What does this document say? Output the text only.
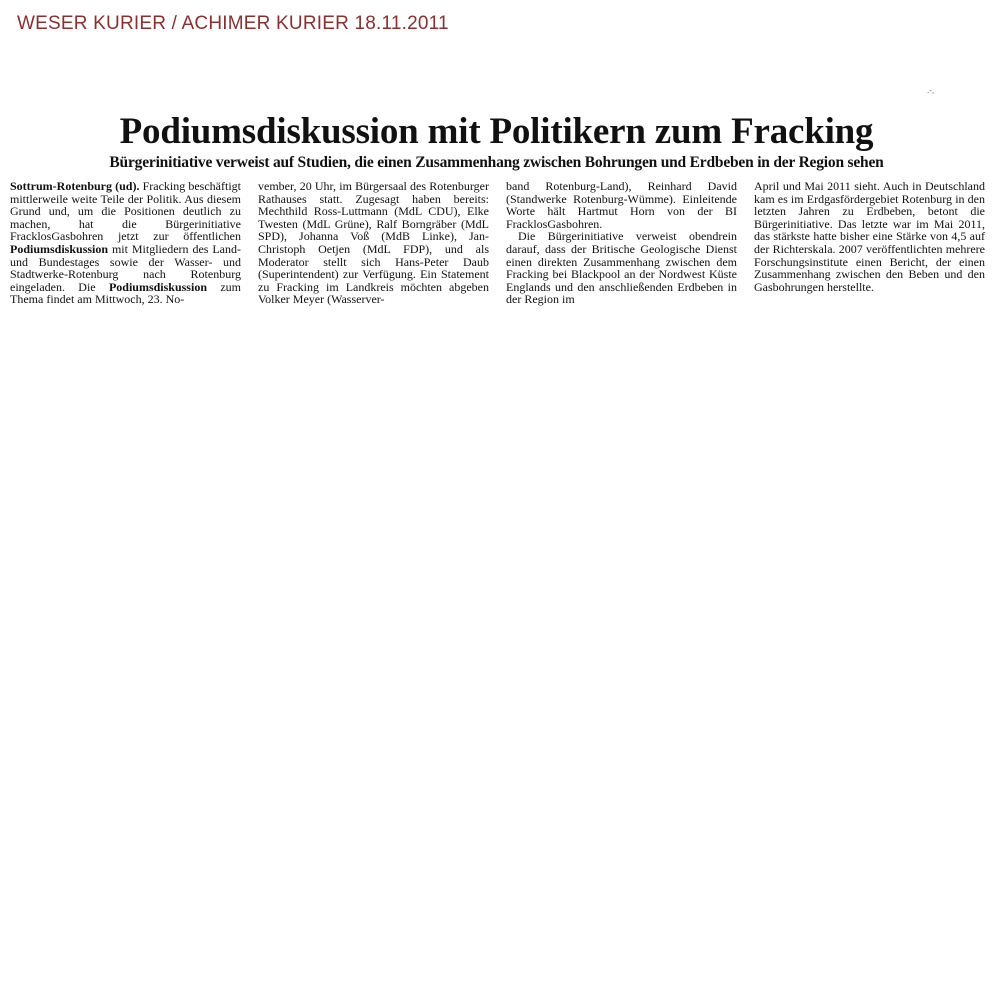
WESER KURIER / ACHIMER KURIER 18.11.2011
.-,
Podiumsdiskussion mit Politikern zum Fracking
Bürgerinitiative verweist auf Studien, die einen Zusammenhang zwischen Bohrungen und Erdbeben in der Region sehen

Sottrum-Rotenburg (ud). Fracking beschäftigt mittlerweile weite Teile der Politik. Aus diesem Grund und, um die Positionen deutlich zu machen, hat die Bürgerinitiative FracklosGasbohren jetzt zur öffentlichen Podiumsdiskussion mit Mitgliedern des Land- und Bundestages sowie der Wasser- und Stadtwerke-Rotenburg nach Rotenburg eingeladen. Die Podiumsdiskussion zum Thema findet am Mittwoch, 23. No-

vember, 20 Uhr, im Bürgersaal des Rotenburger Rathauses statt. Zugesagt haben bereits: Mechthild Ross-Luttmann (MdL CDU), Elke Twesten (MdL Grüne), Ralf Borngräber (MdL SPD), Johanna Voß (MdB Linke), Jan-Christoph Oetjen (MdL FDP), und als Moderator stellt sich Hans-Peter Daub (Superintendent) zur Verfügung. Ein Statement zu Fracking im Landkreis möchten abgeben Volker Meyer (Wasserver-

band Rotenburg-Land), Reinhard David (Standwerke Rotenburg-Wümme). Einleitende Worte hält Hartmut Horn von der BI FracklosGasbohren.

Die Bürgerinitiative verweist obendrein darauf, dass der Britische Geologische Dienst einen direkten Zusammenhang zwischen dem Fracking bei Blackpool an der Nordwest Küste Englands und den anschließenden Erdbeben in der Region im

April und Mai 2011 sieht. Auch in Deutschland kam es im Erdgasfördergebiet Rotenburg in den letzten Jahren zu Erdbeben, betont die Bürgerinitiative. Das letzte war im Mai 2011, das stärkste hatte bisher eine Stärke von 4,5 auf der Richterskala. 2007 veröffentlichten mehrere Forschungsinstitute einen Bericht, der einen Zusammenhang zwischen den Beben und den Gasbohrungen herstellte.
